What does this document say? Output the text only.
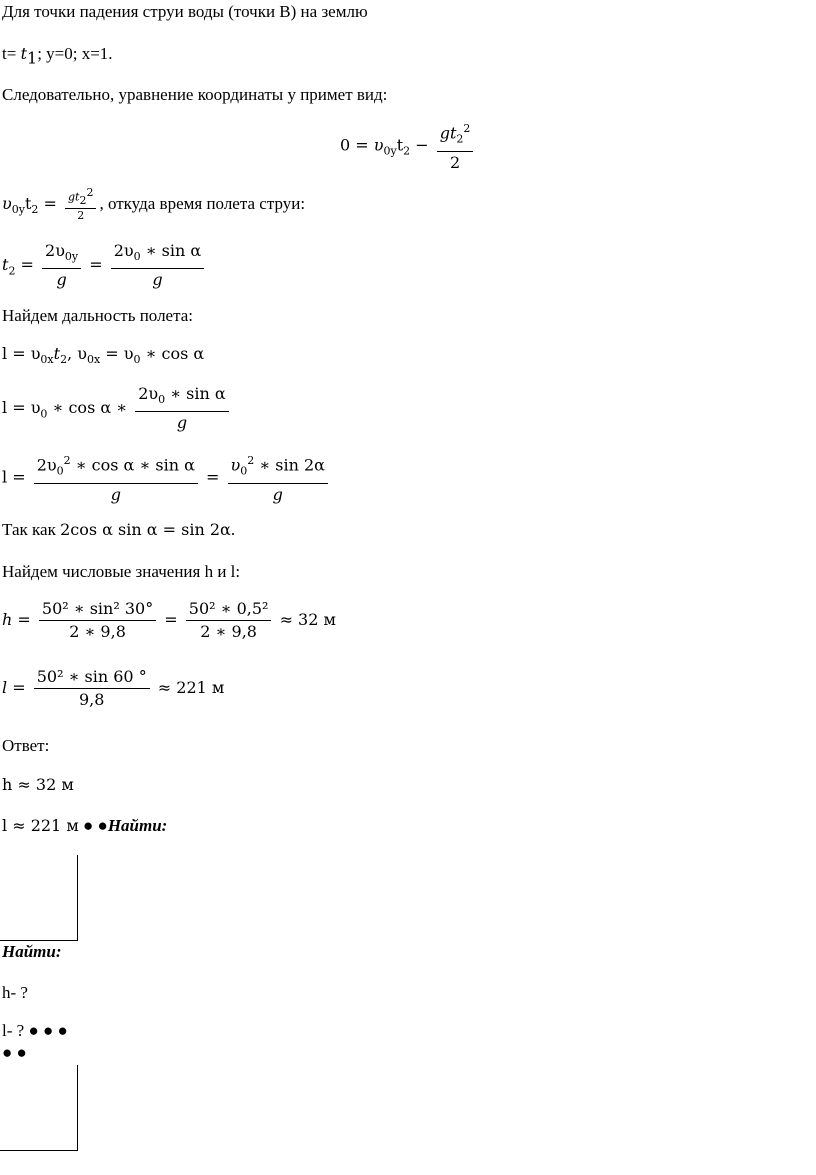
Для точки падения струи воды (точки В) на землю
$t= t_1$; y=0; x=1.
Следовательно, уравнение координаты у примет вид:
$0 = \upsilon_{0y}t_2 - \frac{gt_2^2}{2}$
$\upsilon_{0y}t_2 = \frac{gt_2^2}{2}$ , откуда время полета струи:
$t_2 = \frac{2\upsilon_{0y}}{g} = \frac{2\upsilon_0 ∗ \sin \alpha}{g}$
Найдем дальность полета:
$l = \upsilon_{0x}t_2$, $\upsilon_{0x} = \upsilon_0$ ∗ cos α
$l = \upsilon_0$ ∗ cos α ∗ $\frac{2\upsilon_0 ∗ \sin \alpha}{g}$
$l = \frac{2\upsilon_0^2 ∗ \cos \alpha ∗ \sin \alpha}{g} = \frac{\upsilon_0^2 ∗ \sin 2\alpha}{g}$
Так как 2cos α sin α = sin 2α.
Найдем числовые значения h и l:
$h = \frac{\text{50² ∗ sin² 30°}}{2 ∗ 9,8} = \frac{\text{50² ∗ 0,5²}}{2 ∗ 9,8} \approx 32$ м
$l = \frac{\text{50² ∗ sin 60 °}}{9,8} \approx 221$ м
Ответ:
h ≈ 32 м
l ≈ 221 м ● ●Найти:
Найти:
h- ?
l- ? ● ● ●
● ●
